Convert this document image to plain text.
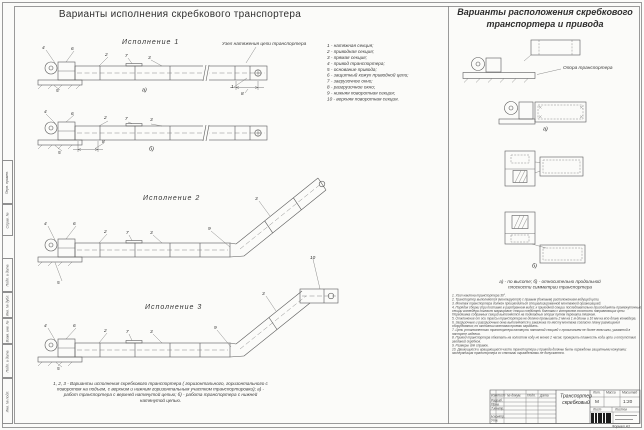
Перв. примен.
Справ. №
Подп. и дата
Инв. № дубл.
Взам. инв. №
Подп. и дата
Инв. № подл.
Варианты исполнения скребкового транспортера	Варианты расположения скребкового
транспортера и привода
Исполнение 1
Исполнение 2
Исполнение 3
Узел натяжения цепи транспортера
Опора транспортера
а)
б)
а)
б)
1 - натяжная секция;
2 - приводная секция;
3 - прямая секция;
4 - привод транспортера;
5 - основание привода;
6 - защитный кожух приводной цепи;
7 - загрузочное окно;
8 - разгрузочное окно;
9 - нижняя поворотная секция;
10 - верхняя поворотная секция.
4	6
2 7 3
5
1
8
4	6
2 7 3
8
5
4	6
2 7 3
9
3
5
4	6
2 7 3
9
3
10
5
1, 2, 3 - Варианты исполнения скребкового транспортера ( горизонтального, горизонтального с
поворотом на подъем, с верхним и нижним горизонтальным участком транспортировки); а) -
работ транспортера с верхней натянутой цепью; б) - работа транспортера с нижней
натянутой цепью.
а) - по высоте; б) - относительно продольной
плоскости симметрии транспортера
1. Угол наклона транспортера 30°.
2. Транспортер выполняется (монтируется) с правым (боковым) расположением ведущей цепи.
3. Монтаж транспортера должен производиться специализированной монтажной организацией.
4. Порядок сборки (при поставке в разобранном виде): к приводной секции последовательно присоединять промежуточные секции конвейера согласно маркировке; секции соединять болтами с контролем соосности направляющих цепи. Передвижка собранных секций выполняется на подкладных опорах путем переката тягачом.
5. Отклонение от оси трассы транспортера не должно превышать 2 мм на 1 м длины и 10 мм на всю длину конвейера.
6. Загрузочные и разгрузочные окна выполняются у заказчика по месту монтажа согласно плану размещения оборудования; по окончании монтажа проемы оградить.
7. Цепь установленного транспортера натянуть натяжной секцией с провисанием не более величины, указанной в паспорте изделия.
8. Привод транспортера обкатать на холостом ходу не менее 2 часов; проверить плавность хода цепи и отсутствие заеданий скребков.
9. Размеры для справок.
10. Движущиеся и вращающиеся части транспортера и привода должны быть ограждены защитными кожухами; эксплуатация транспортера со снятыми ограждениями не допускается.
Изм. Лист № докум. Подп. Дата
Разраб.
Пров.
Т.контр.
Н.контр.
Утв.
Транспортер
скребковый
Лит. Масса Масштаб
М	1:20
Лист Листов
Формат А3
